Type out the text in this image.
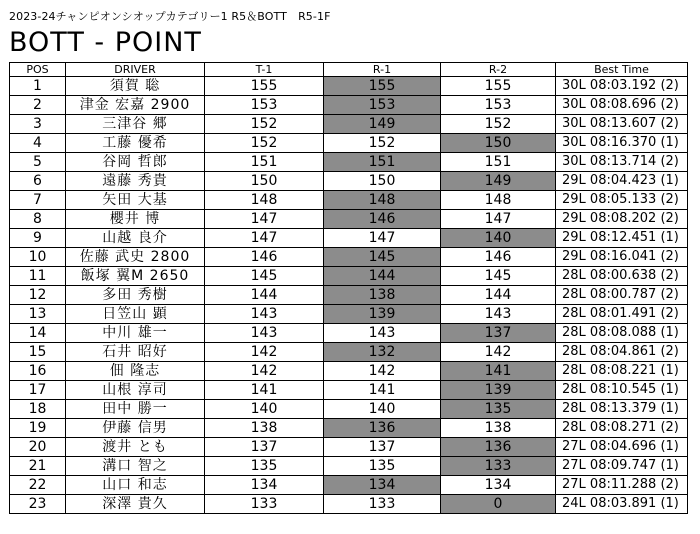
2023-24チャンピオンシオップカテゴリー1 R5＆BOTT　R5-1F
BOTT - POINT
POS	DRIVER	T-1	R-1	R-2	Best Time
1	須賀 聡	155	155	155	30L 08:03.192 (2)
2	津金 宏嘉 2900	153	153	153	30L 08:08.696 (2)
3	三津谷 郷	152	149	152	30L 08:13.607 (2)
4	工藤 優希	152	152	150	30L 08:16.370 (1)
5	谷岡 哲郎	151	151	151	30L 08:13.714 (2)
6	遠藤 秀貴	150	150	149	29L 08:04.423 (1)
7	矢田 大基	148	148	148	29L 08:05.133 (2)
8	櫻井 博	147	146	147	29L 08:08.202 (2)
9	山越 良介	147	147	140	29L 08:12.451 (1)
10	佐藤 武史 2800	146	145	146	29L 08:16.041 (2)
11	飯塚 翼M 2650	145	144	145	28L 08:00.638 (2)
12	多田 秀樹	144	138	144	28L 08:00.787 (2)
13	日笠山 顕	143	139	143	28L 08:01.491 (2)
14	中川 雄一	143	143	137	28L 08:08.088 (1)
15	石井 昭好	142	132	142	28L 08:04.861 (2)
16	佃 隆志	142	142	141	28L 08:08.221 (1)
17	山根 淳司	141	141	139	28L 08:10.545 (1)
18	田中 勝一	140	140	135	28L 08:13.379 (1)
19	伊藤 信男	138	136	138	28L 08:08.271 (2)
20	渡井 とも	137	137	136	27L 08:04.696 (1)
21	溝口 智之	135	135	133	27L 08:09.747 (1)
22	山口 和志	134	134	134	27L 08:11.288 (2)
23	深澤 貴久	133	133	0	24L 08:03.891 (1)
